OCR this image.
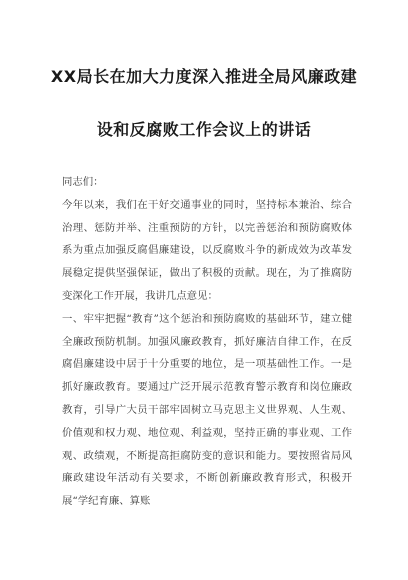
XX局长在加大力度深入推进全局风廉政建
设和反腐败工作会议上的讲话

同志们：

今年以来，我们在干好交通事业的同时，坚持标本兼治、综合治理、惩防并举、注重预防的方针，以完善惩治和预防腐败体系为重点加强反腐倡廉建设，以反腐败斗争的新成效为改革发展稳定提供坚强保证，做出了积极的贡献。现在，为了推腐防变深化工作开展，我讲几点意见：

一、牢牢把握“教育”这个惩治和预防腐败的基础环节，建立健全廉政预防机制。加强风廉政教育，抓好廉洁自律工作，在反腐倡廉建设中居于十分重要的地位，是一项基础性工作。一是抓好廉政教育。要通过广泛开展示范教育警示教育和岗位廉政教育，引导广大员干部牢固树立马克思主义世界观、人生观、价值观和权力观、地位观、利益观，坚持正确的事业观、工作观、政绩观，不断提高拒腐防变的意识和能力。要按照省局风廉政建设年活动有关要求，不断创新廉政教育形式，积极开展“学纪育廉、算账
